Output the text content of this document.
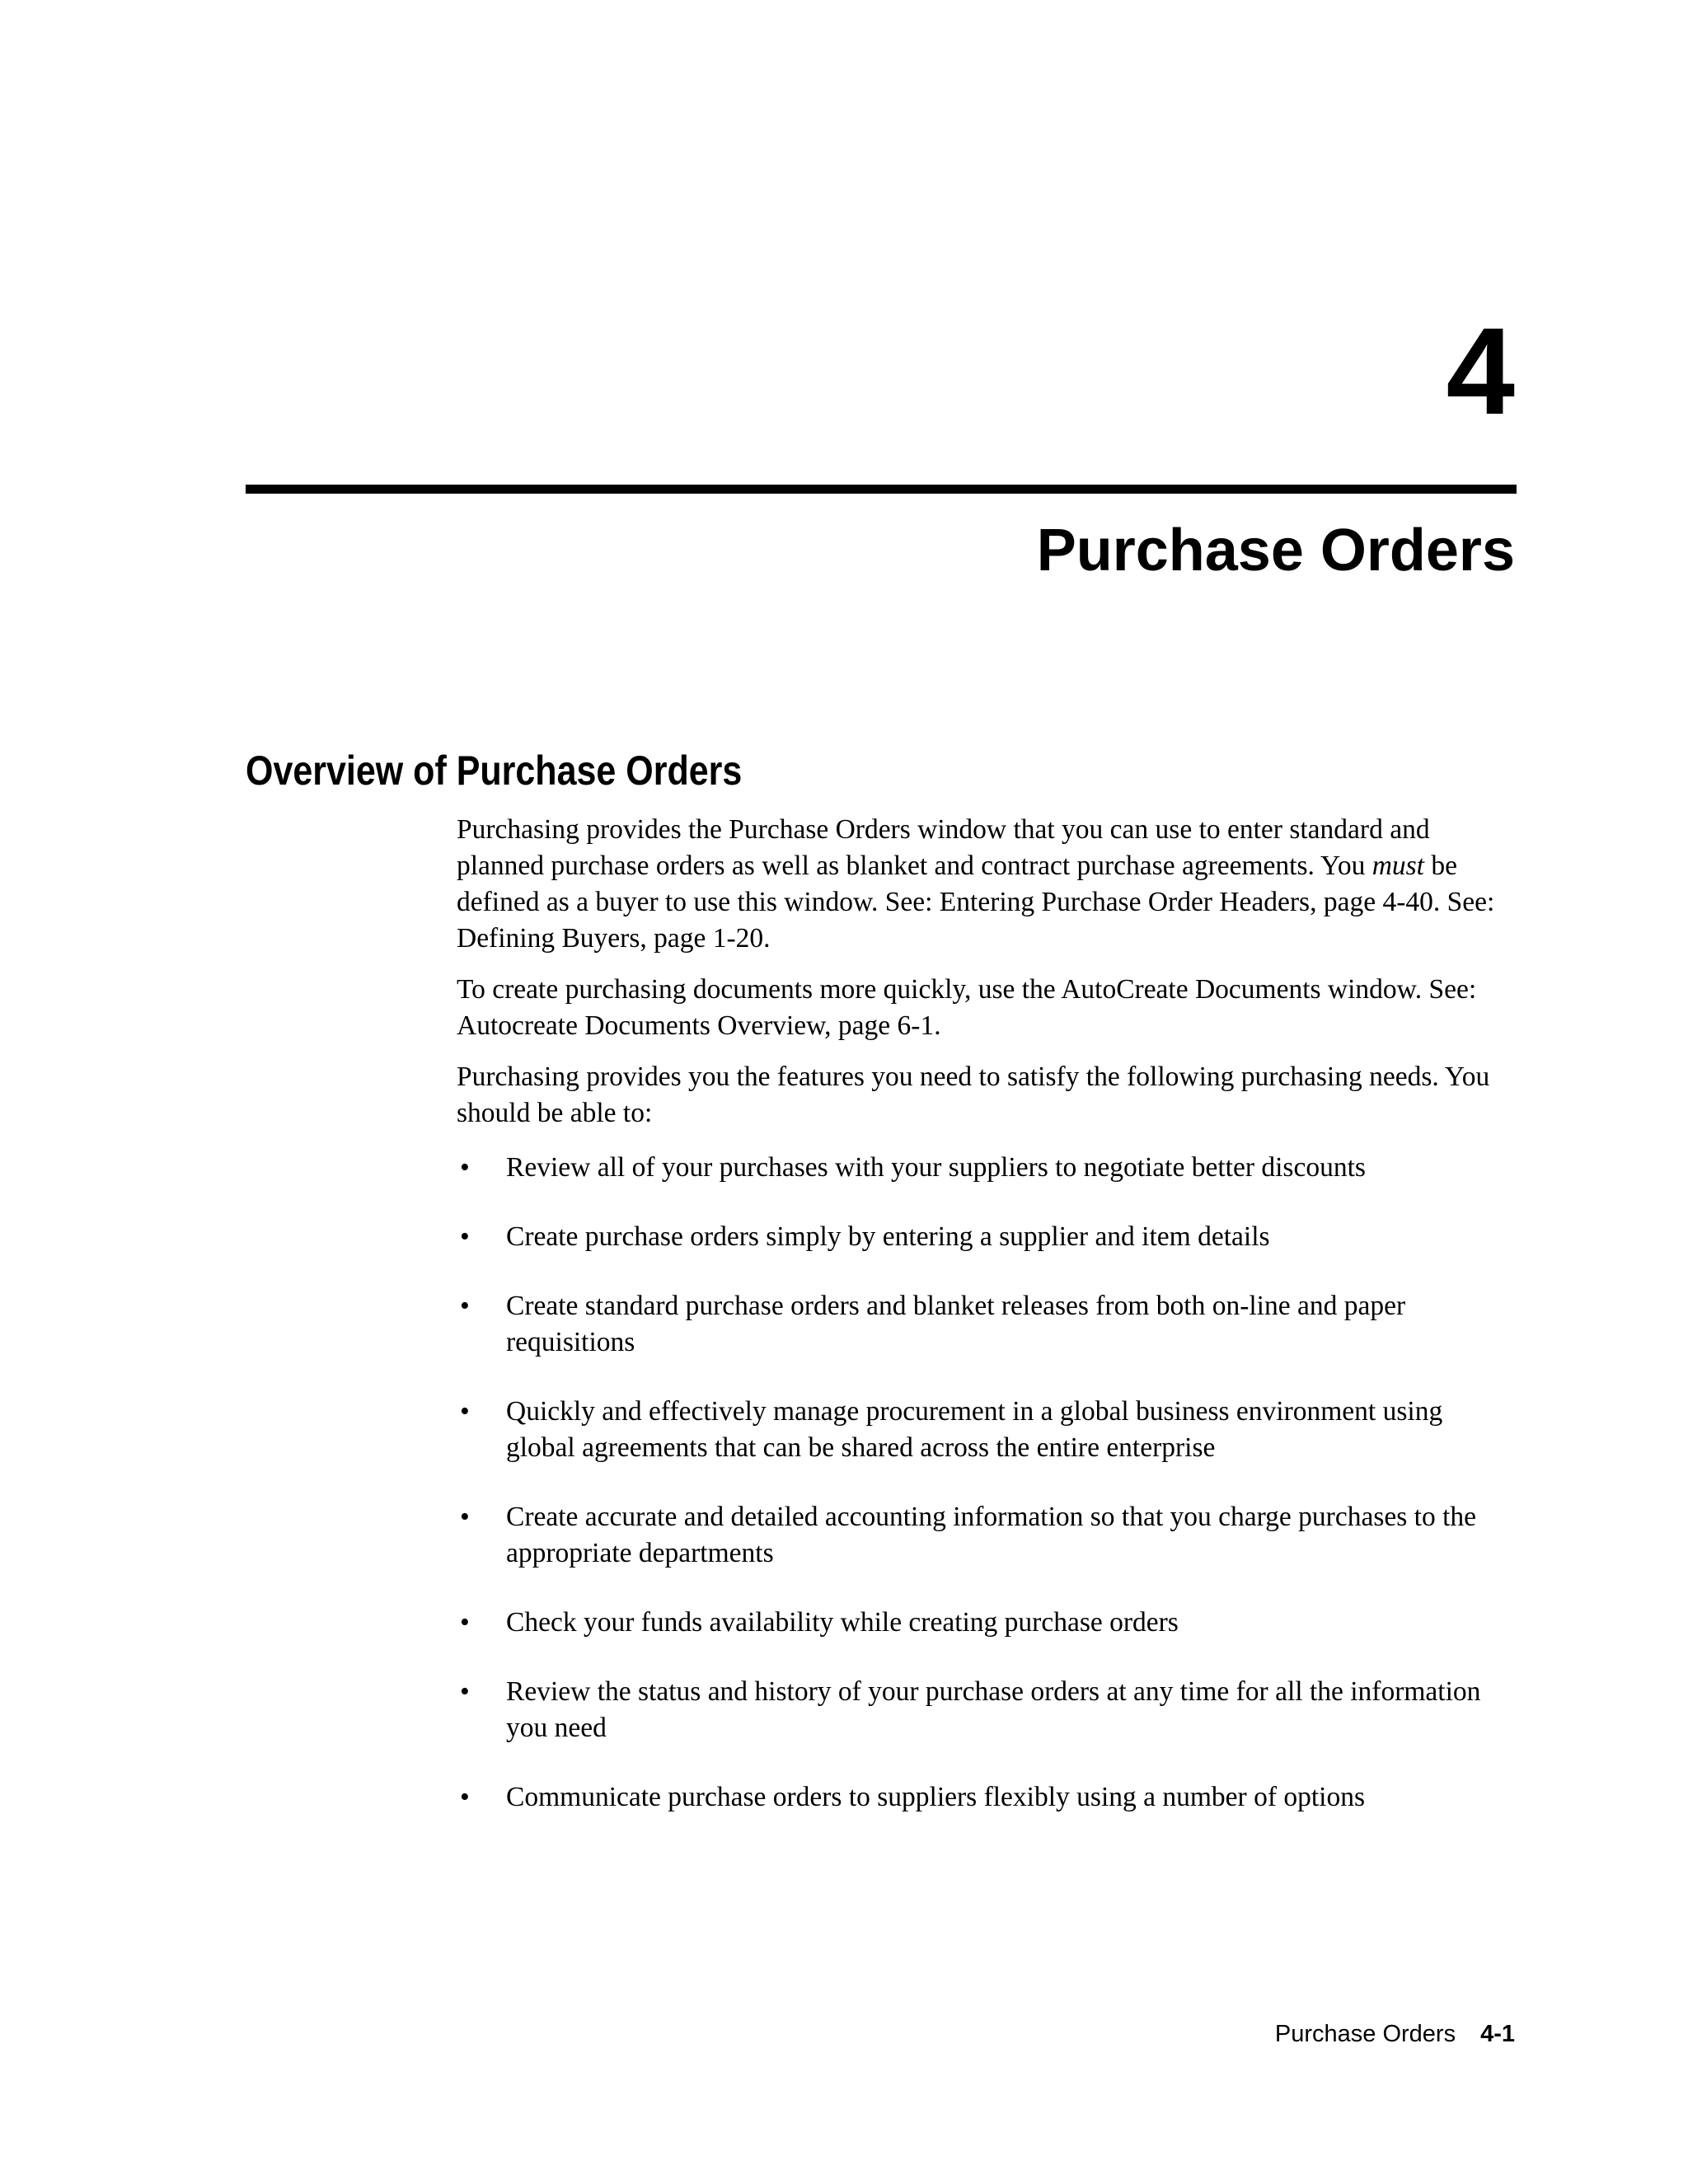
4
Purchase Orders
Overview of Purchase Orders

Purchasing provides the Purchase Orders window that you can use to enter standard and planned purchase orders as well as blanket and contract purchase agreements. You must be defined as a buyer to use this window. See: Entering Purchase Order Headers, page 4-40. See: Defining Buyers, page 1-20.

To create purchasing documents more quickly, use the AutoCreate Documents window. See: Autocreate Documents Overview, page 6-1.

Purchasing provides you the features you need to satisfy the following purchasing needs. You should be able to:

• Review all of your purchases with your suppliers to negotiate better discounts
• Create purchase orders simply by entering a supplier and item details
• Create standard purchase orders and blanket releases from both on-line and paper requisitions
• Quickly and effectively manage procurement in a global business environment using global agreements that can be shared across the entire enterprise
• Create accurate and detailed accounting information so that you charge purchases to the appropriate departments
• Check your funds availability while creating purchase orders
• Review the status and history of your purchase orders at any time for all the information you need
• Communicate purchase orders to suppliers flexibly using a number of options
Purchase Orders 4-1
